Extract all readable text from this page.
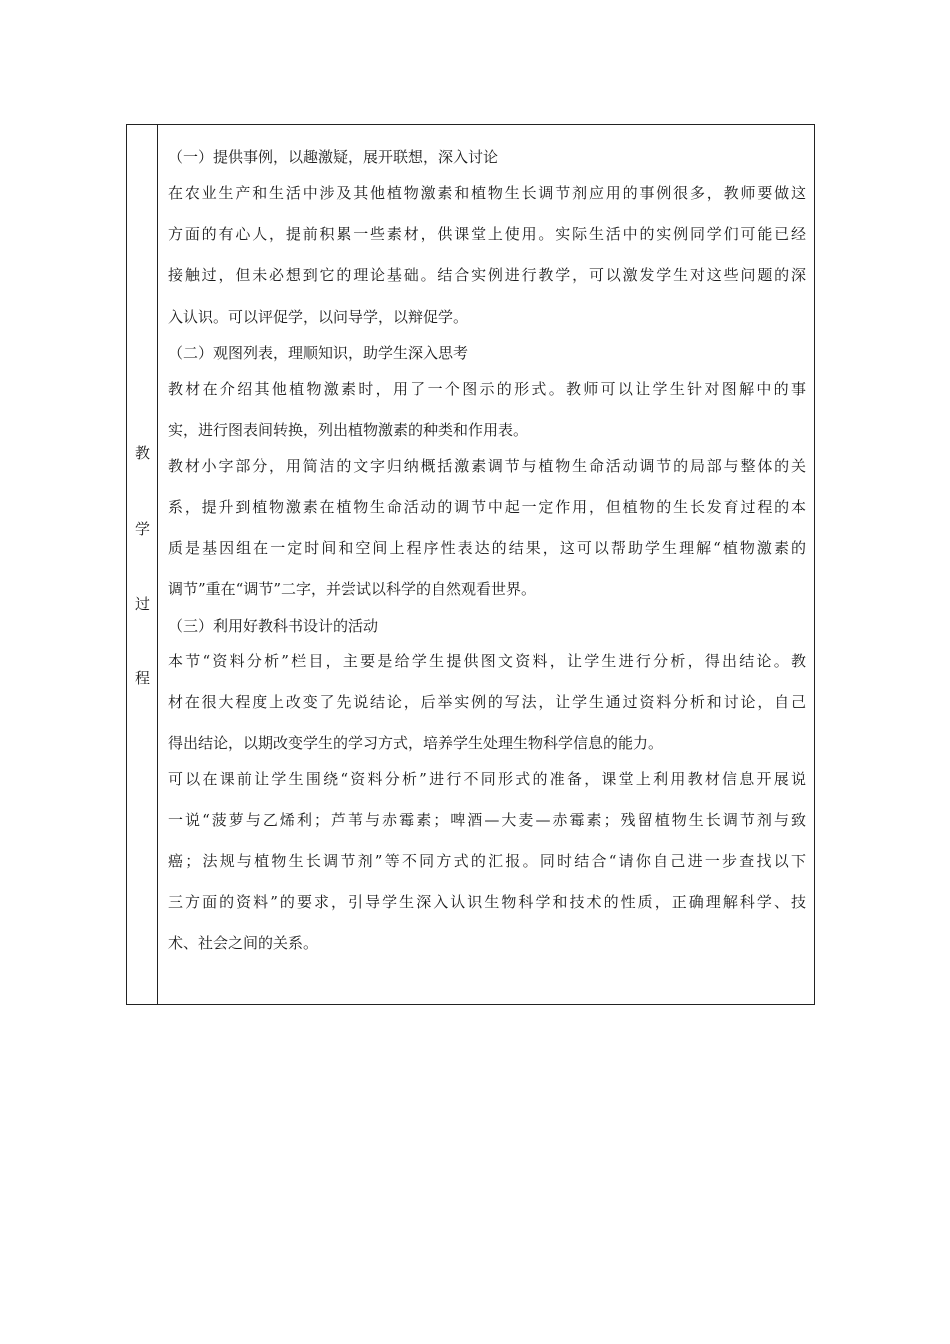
教
学
过
程
（一）提供事例，以趣激疑，展开联想，深入讨论
在农业生产和生活中涉及其他植物激素和植物生长调节剂应用的事例很多，教师要做这
方面的有心人，提前积累一些素材，供课堂上使用。实际生活中的实例同学们可能已经
接触过，但未必想到它的理论基础。结合实例进行教学，可以激发学生对这些问题的深
入认识。可以评促学，以问导学，以辩促学。
（二）观图列表，理顺知识，助学生深入思考
教材在介绍其他植物激素时，用了一个图示的形式。教师可以让学生针对图解中的事
实，进行图表间转换，列出植物激素的种类和作用表。
教材小字部分，用简洁的文字归纳概括激素调节与植物生命活动调节的局部与整体的关
系，提升到植物激素在植物生命活动的调节中起一定作用，但植物的生长发育过程的本
质是基因组在一定时间和空间上程序性表达的结果，这可以帮助学生理解“植物激素的
调节”重在“调节”二字，并尝试以科学的自然观看世界。
（三）利用好教科书设计的活动
本节“资料分析”栏目，主要是给学生提供图文资料，让学生进行分析，得出结论。教
材在很大程度上改变了先说结论，后举实例的写法，让学生通过资料分析和讨论，自己
得出结论，以期改变学生的学习方式，培养学生处理生物科学信息的能力。
可以在课前让学生围绕“资料分析”进行不同形式的准备，课堂上利用教材信息开展说
一说“菠萝与乙烯利；芦苇与赤霉素；啤酒—大麦—赤霉素；残留植物生长调节剂与致
癌；法规与植物生长调节剂”等不同方式的汇报。同时结合“请你自己进一步查找以下
三方面的资料”的要求，引导学生深入认识生物科学和技术的性质，正确理解科学、技
术、社会之间的关系。
